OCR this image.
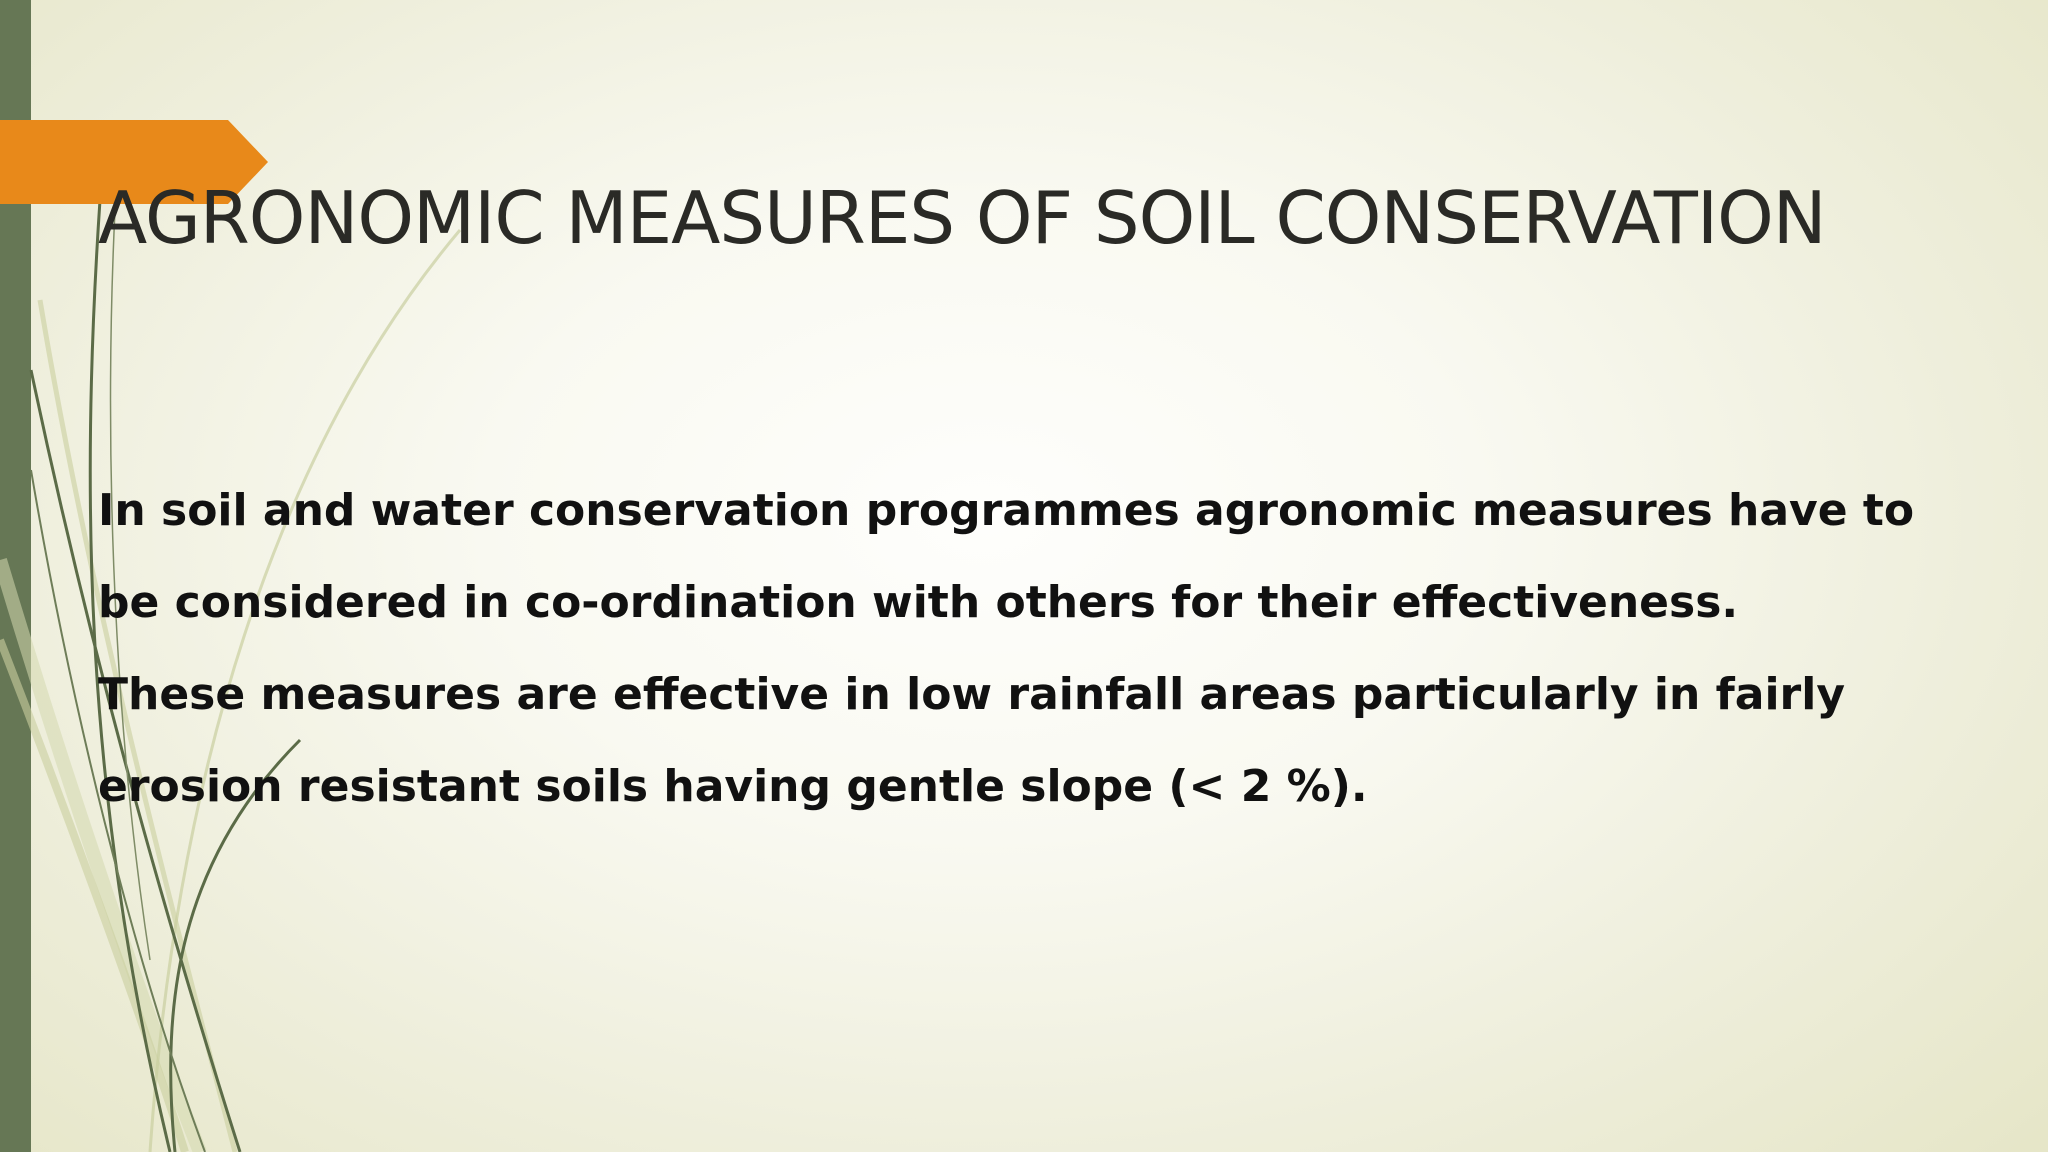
AGRONOMIC MEASURES OF SOIL CONSERVATION

In soil and water conservation programmes agronomic measures have to

be considered in co-ordination with others for their effectiveness.

These measures are effective in low rainfall areas particularly in fairly

erosion resistant soils having gentle slope (< 2 %).
